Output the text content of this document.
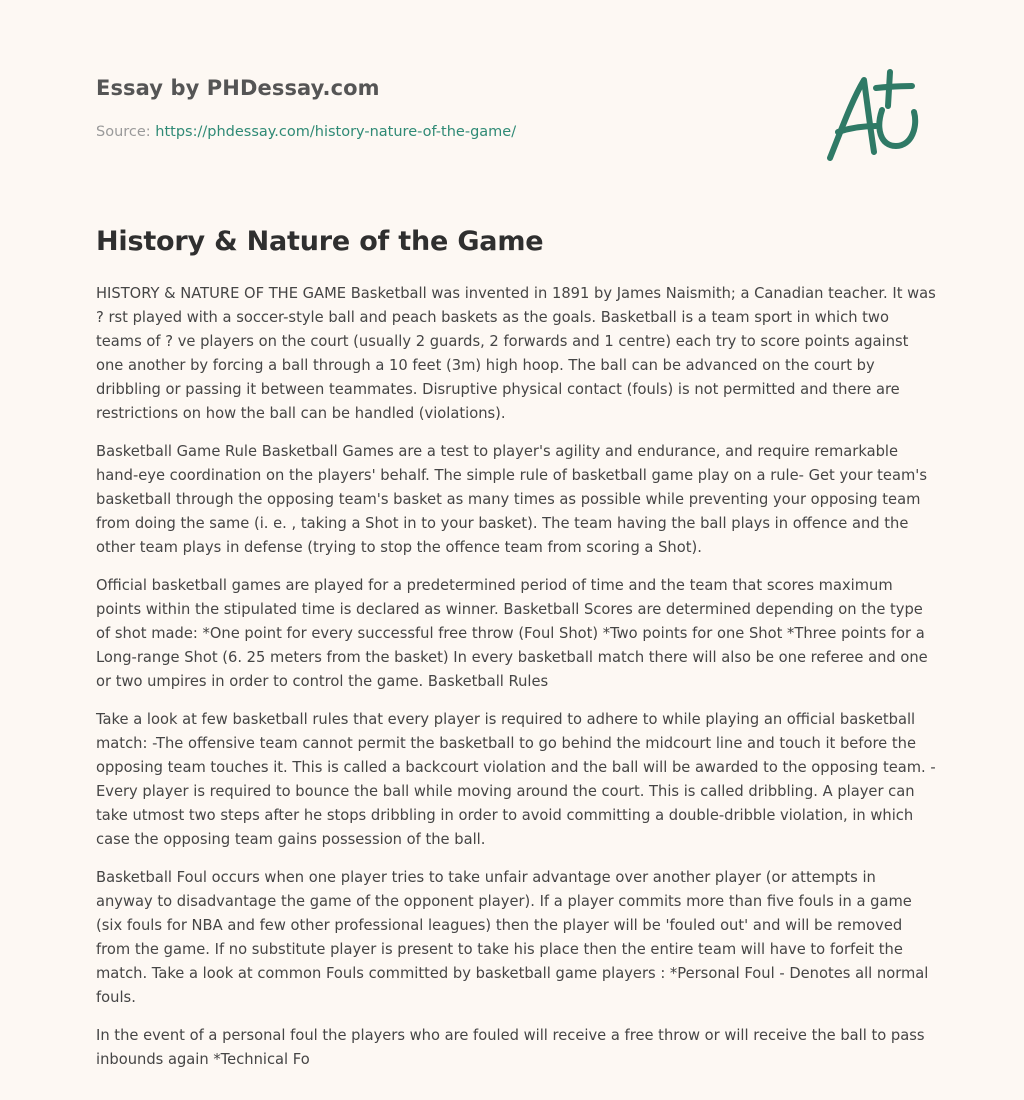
Essay by PHDessay.com

Source: https://phdessay.com/history-nature-of-the-game/

History & Nature of the Game

HISTORY & NATURE OF THE GAME Basketball was invented in 1891 by James Naismith; a Canadian teacher. It was ? rst played with a soccer-style ball and peach baskets as the goals. Basketball is a team sport in which two teams of ? ve players on the court (usually 2 guards, 2 forwards and 1 centre) each try to score points against one another by forcing a ball through a 10 feet (3m) high hoop. The ball can be advanced on the court by dribbling or passing it between teammates. Disruptive physical contact (fouls) is not permitted and there are restrictions on how the ball can be handled (violations).

Basketball Game Rule Basketball Games are a test to player's agility and endurance, and require remarkable hand-eye coordination on the players' behalf. The simple rule of basketball game play on a rule- Get your team's basketball through the opposing team's basket as many times as possible while preventing your opposing team from doing the same (i. e. , taking a Shot in to your basket). The team having the ball plays in offence and the other team plays in defense (trying to stop the offence team from scoring a Shot).

Official basketball games are played for a predetermined period of time and the team that scores maximum points within the stipulated time is declared as winner. Basketball Scores are determined depending on the type of shot made: *One point for every successful free throw (Foul Shot) *Two points for one Shot *Three points for a Long-range Shot (6. 25 meters from the basket) In every basketball match there will also be one referee and one or two umpires in order to control the game. Basketball Rules

Take a look at few basketball rules that every player is required to adhere to while playing an official basketball match: -The offensive team cannot permit the basketball to go behind the midcourt line and touch it before the opposing team touches it. This is called a backcourt violation and the ball will be awarded to the opposing team. -Every player is required to bounce the ball while moving around the court. This is called dribbling. A player can take utmost two steps after he stops dribbling in order to avoid committing a double-dribble violation, in which case the opposing team gains possession of the ball.

Basketball Foul occurs when one player tries to take unfair advantage over another player (or attempts in anyway to disadvantage the game of the opponent player). If a player commits more than five fouls in a game (six fouls for NBA and few other professional leagues) then the player will be 'fouled out' and will be removed from the game. If no substitute player is present to take his place then the entire team will have to forfeit the match. Take a look at common Fouls committed by basketball game players : *Personal Foul - Denotes all normal fouls.

In the event of a personal foul the players who are fouled will receive a free throw or will receive the ball to pass inbounds again *Technical Fo
